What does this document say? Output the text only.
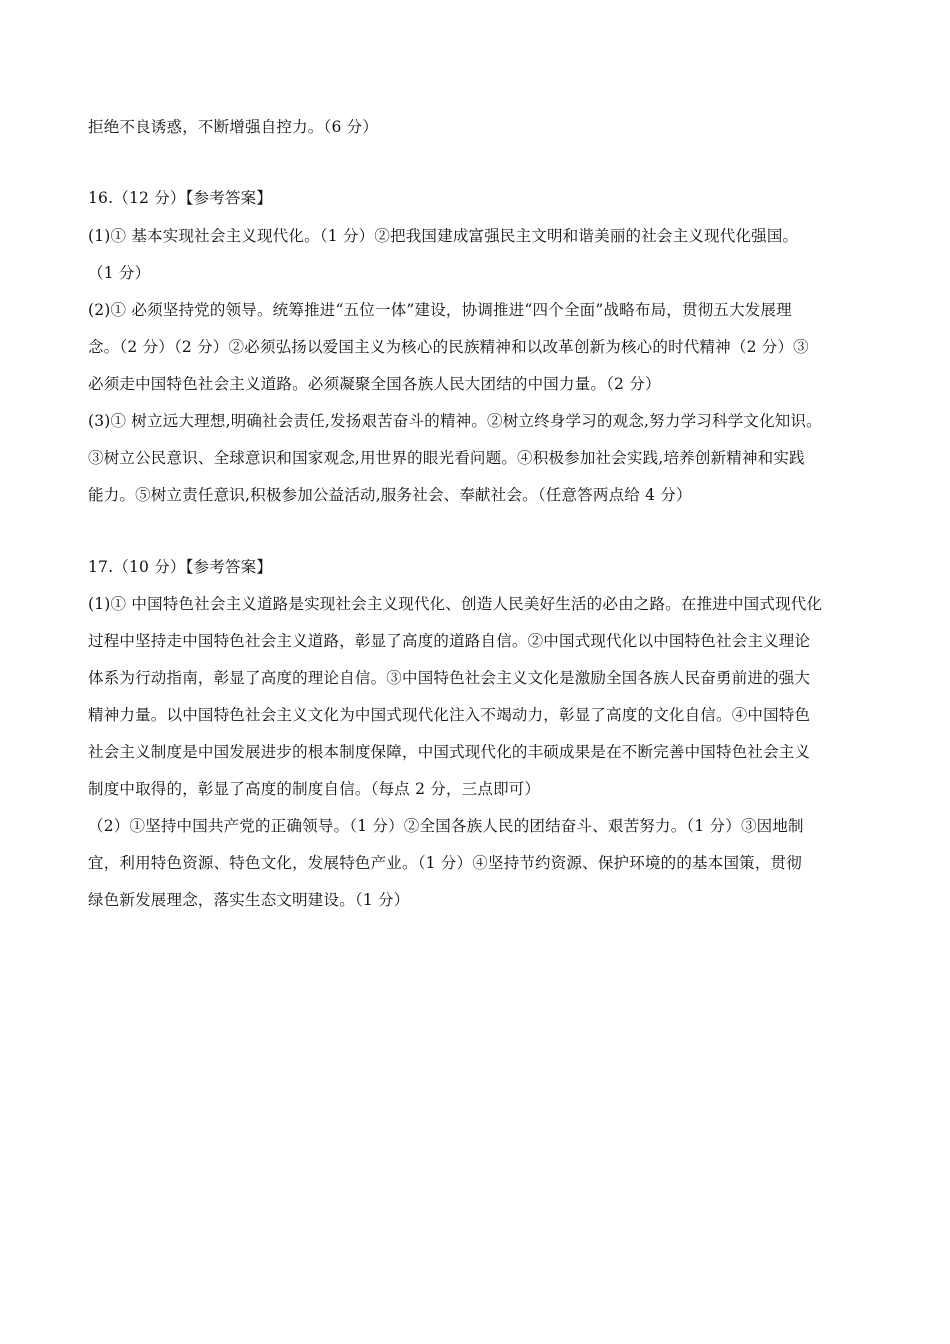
拒绝不良诱惑，不断增强自控力。（6 分）
16.（12 分）【参考答案】
(1)① 基本实现社会主义现代化。（1 分）②把我国建成富强民主文明和谐美丽的社会主义现代化强国。
（1 分）
(2)① 必须坚持党的领导。统筹推进“五位一体”建设，协调推进“四个全面”战略布局，贯彻五大发展理
念。（2 分）（2 分）②必须弘扬以爱国主义为核心的民族精神和以改革创新为核心的时代精神（2 分）③
必须走中国特色社会主义道路。必须凝聚全国各族人民大团结的中国力量。（2 分）
(3)① 树立远大理想,明确社会责任,发扬艰苦奋斗的精神。②树立终身学习的观念,努力学习科学文化知识。
③树立公民意识、全球意识和国家观念,用世界的眼光看问题。④积极参加社会实践,培养创新精神和实践
能力。⑤树立责任意识,积极参加公益活动,服务社会、奉献社会。（任意答两点给 4 分）
17.（10 分）【参考答案】
(1)① 中国特色社会主义道路是实现社会主义现代化、创造人民美好生活的必由之路。在推进中国式现代化
过程中坚持走中国特色社会主义道路，彰显了高度的道路自信。②中国式现代化以中国特色社会主义理论
体系为行动指南，彰显了高度的理论自信。③中国特色社会主义文化是激励全国各族人民奋勇前进的强大
精神力量。以中国特色社会主义文化为中国式现代化注入不竭动力，彰显了高度的文化自信。④中国特色
社会主义制度是中国发展进步的根本制度保障，中国式现代化的丰硕成果是在不断完善中国特色社会主义
制度中取得的，彰显了高度的制度自信。（每点 2 分，三点即可）
（2）①坚持中国共产党的正确领导。（1 分）②全国各族人民的团结奋斗、艰苦努力。（1 分）③因地制
宜，利用特色资源、特色文化，发展特色产业。（1 分）④坚持节约资源、保护环境的的基本国策，贯彻
绿色新发展理念，落实生态文明建设。（1 分）
